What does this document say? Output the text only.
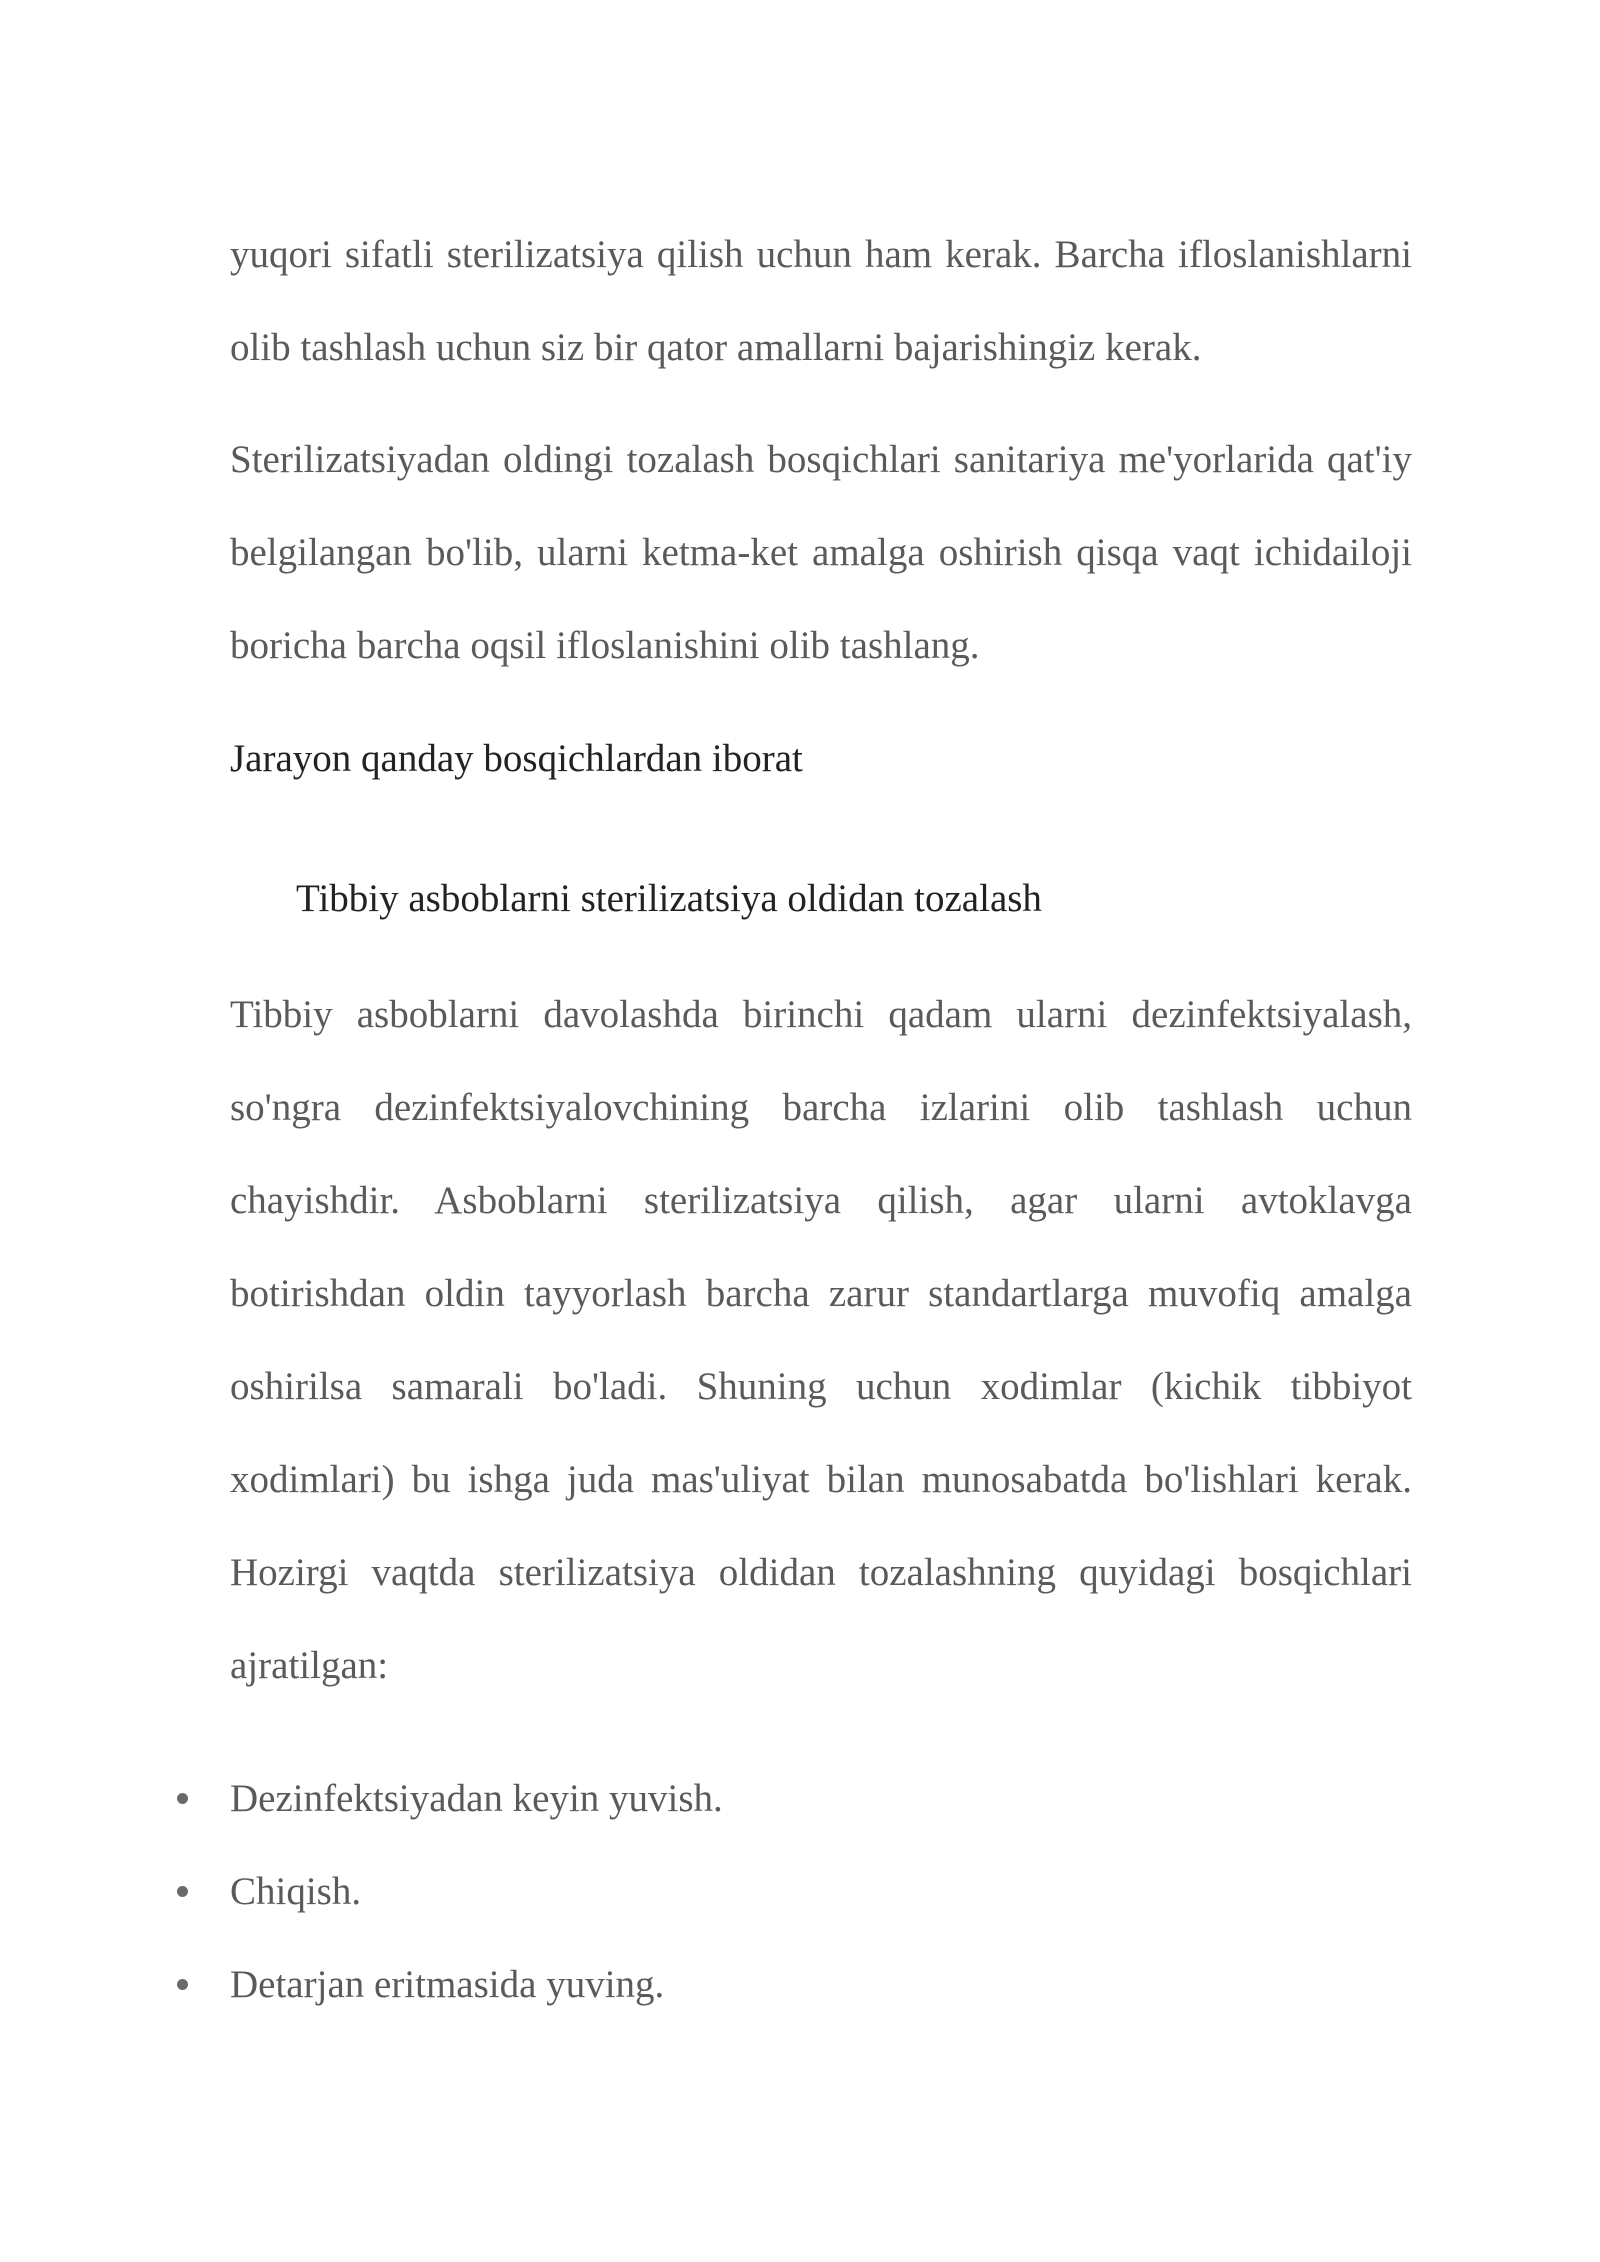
yuqori sifatli sterilizatsiya qilish uchun ham kerak. Barcha ifloslanishlarni olib tashlash uchun siz bir qator amallarni bajarishingiz kerak.

Sterilizatsiyadan oldingi tozalash bosqichlari sanitariya me'yorlarida qat'iy belgilangan bo'lib, ularni ketma-ket amalga oshirish qisqa vaqt ichidailoji boricha barcha oqsil ifloslanishini olib tashlang.

Jarayon qanday bosqichlardan iborat
Tibbiy asboblarni sterilizatsiya oldidan tozalash

Tibbiy asboblarni davolashda birinchi qadam ularni dezinfektsiyalash, so'ngra dezinfektsiyalovchining barcha izlarini olib tashlash uchun chayishdir. Asboblarni sterilizatsiya qilish, agar ularni avtoklavga botirishdan oldin tayyorlash barcha zarur standartlarga muvofiq amalga oshirilsa samarali bo'ladi. Shuning uchun xodimlar (kichik tibbiyot xodimlari) bu ishga juda mas'uliyat bilan munosabatda bo'lishlari kerak. Hozirgi vaqtda sterilizatsiya oldidan tozalashning quyidagi bosqichlari ajratilgan:

Dezinfektsiyadan keyin yuvish.
Chiqish.
Detarjan eritmasida yuving.
